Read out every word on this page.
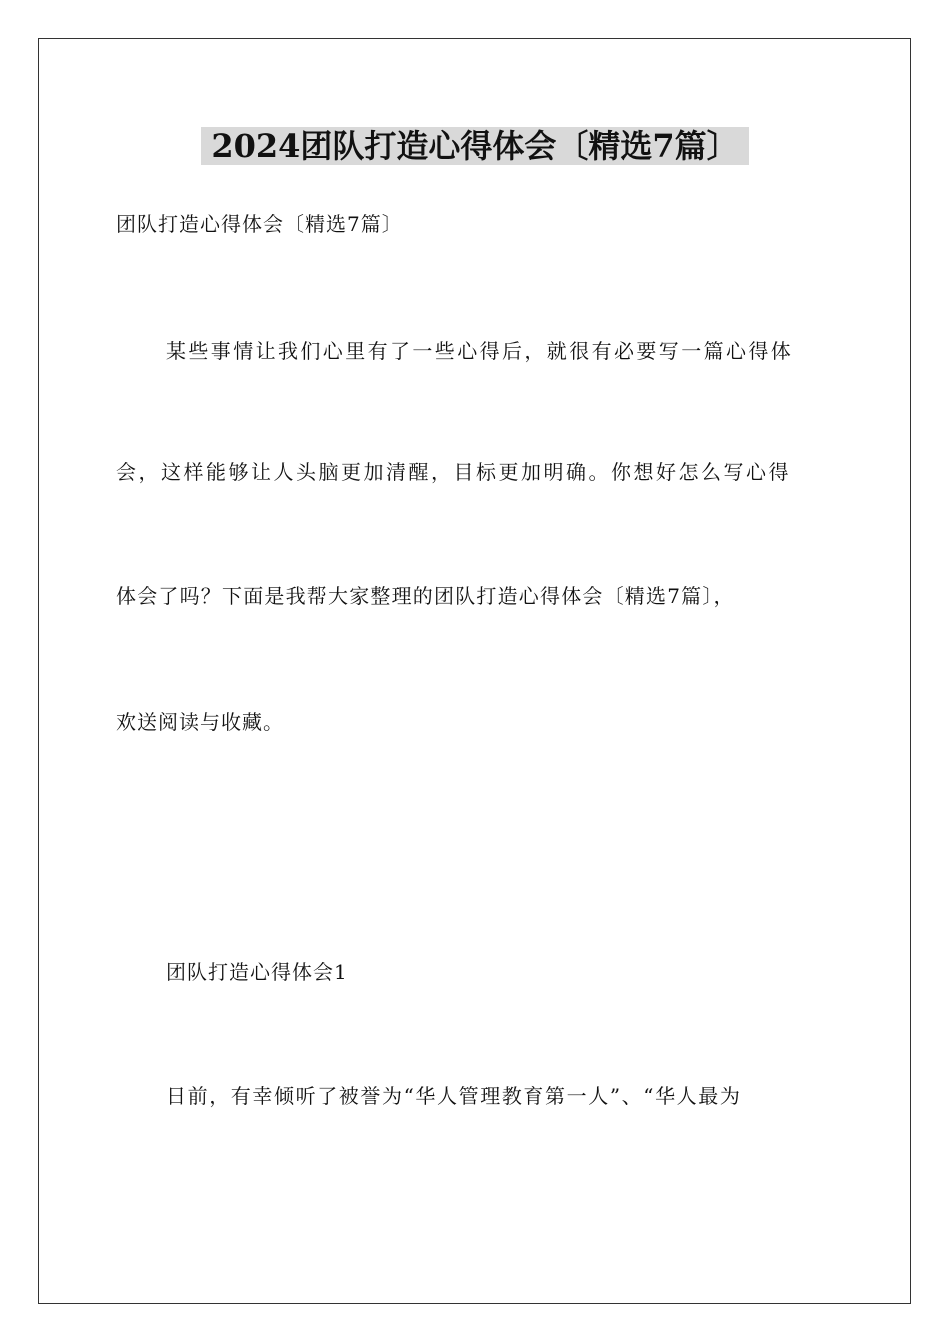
2024团队打造心得体会〔精选7篇〕
团队打造心得体会〔精选7篇〕
某些事情让我们心里有了一些心得后，就很有必要写一篇心得体
会，这样能够让人头脑更加清醒，目标更加明确。你想好怎么写心得
体会了吗？下面是我帮大家整理的团队打造心得体会〔精选7篇〕，
欢送阅读与收藏。
团队打造心得体会1
日前，有幸倾听了被誉为“华人管理教育第一人”、“华人最为
